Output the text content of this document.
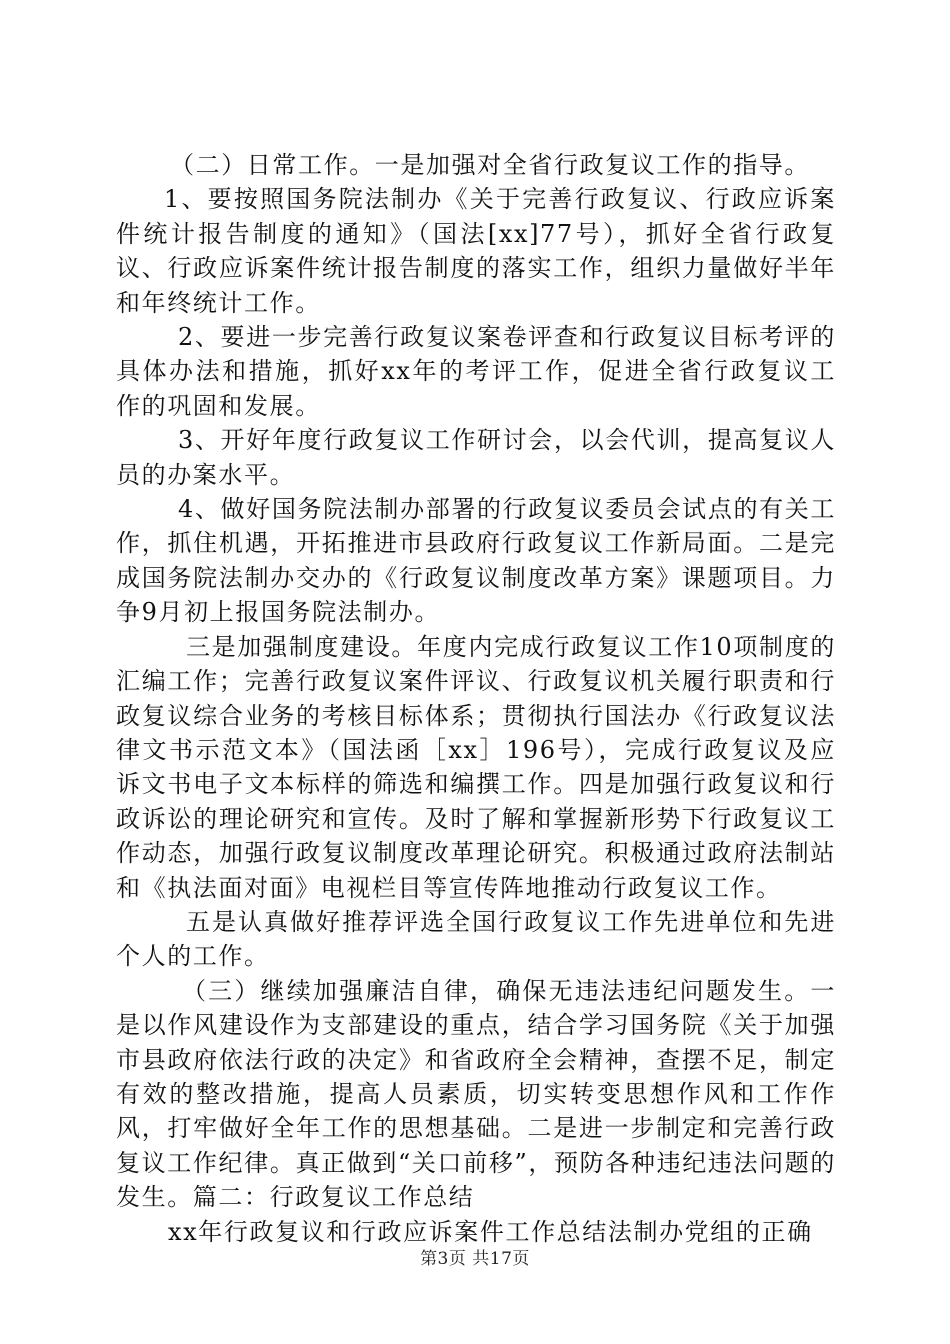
（二）日常工作。一是加强对全省行政复议工作的指导。

1、要按照国务院法制办《关于完善行政复议、行政应诉案件统计报告制度的通知》（国法[xx]77号），抓好全省行政复议、行政应诉案件统计报告制度的落实工作，组织力量做好半年和年终统计工作。

2、要进一步完善行政复议案卷评查和行政复议目标考评的具体办法和措施，抓好xx年的考评工作，促进全省行政复议工作的巩固和发展。

3、开好年度行政复议工作研讨会，以会代训，提高复议人员的办案水平。

4、做好国务院法制办部署的行政复议委员会试点的有关工作，抓住机遇，开拓推进市县政府行政复议工作新局面。二是完成国务院法制办交办的《行政复议制度改革方案》课题项目。力争9月初上报国务院法制办。

三是加强制度建设。年度内完成行政复议工作10项制度的汇编工作；完善行政复议案件评议、行政复议机关履行职责和行政复议综合业务的考核目标体系；贯彻执行国法办《行政复议法律文书示范文本》（国法函［xx］196号），完成行政复议及应诉文书电子文本标样的筛选和编撰工作。四是加强行政复议和行政诉讼的理论研究和宣传。及时了解和掌握新形势下行政复议工作动态，加强行政复议制度改革理论研究。积极通过政府法制站和《执法面对面》电视栏目等宣传阵地推动行政复议工作。

五是认真做好推荐评选全国行政复议工作先进单位和先进个人的工作。

（三）继续加强廉洁自律，确保无违法违纪问题发生。一是以作风建设作为支部建设的重点，结合学习国务院《关于加强市县政府依法行政的决定》和省政府全会精神，查摆不足，制定有效的整改措施，提高人员素质，切实转变思想作风和工作作风，打牢做好全年工作的思想基础。二是进一步制定和完善行政复议工作纪律。真正做到“关口前移”，预防各种违纪违法问题的发生。篇二：行政复议工作总结

xx年行政复议和行政应诉案件工作总结法制办党组的正确

第3页 共17页
